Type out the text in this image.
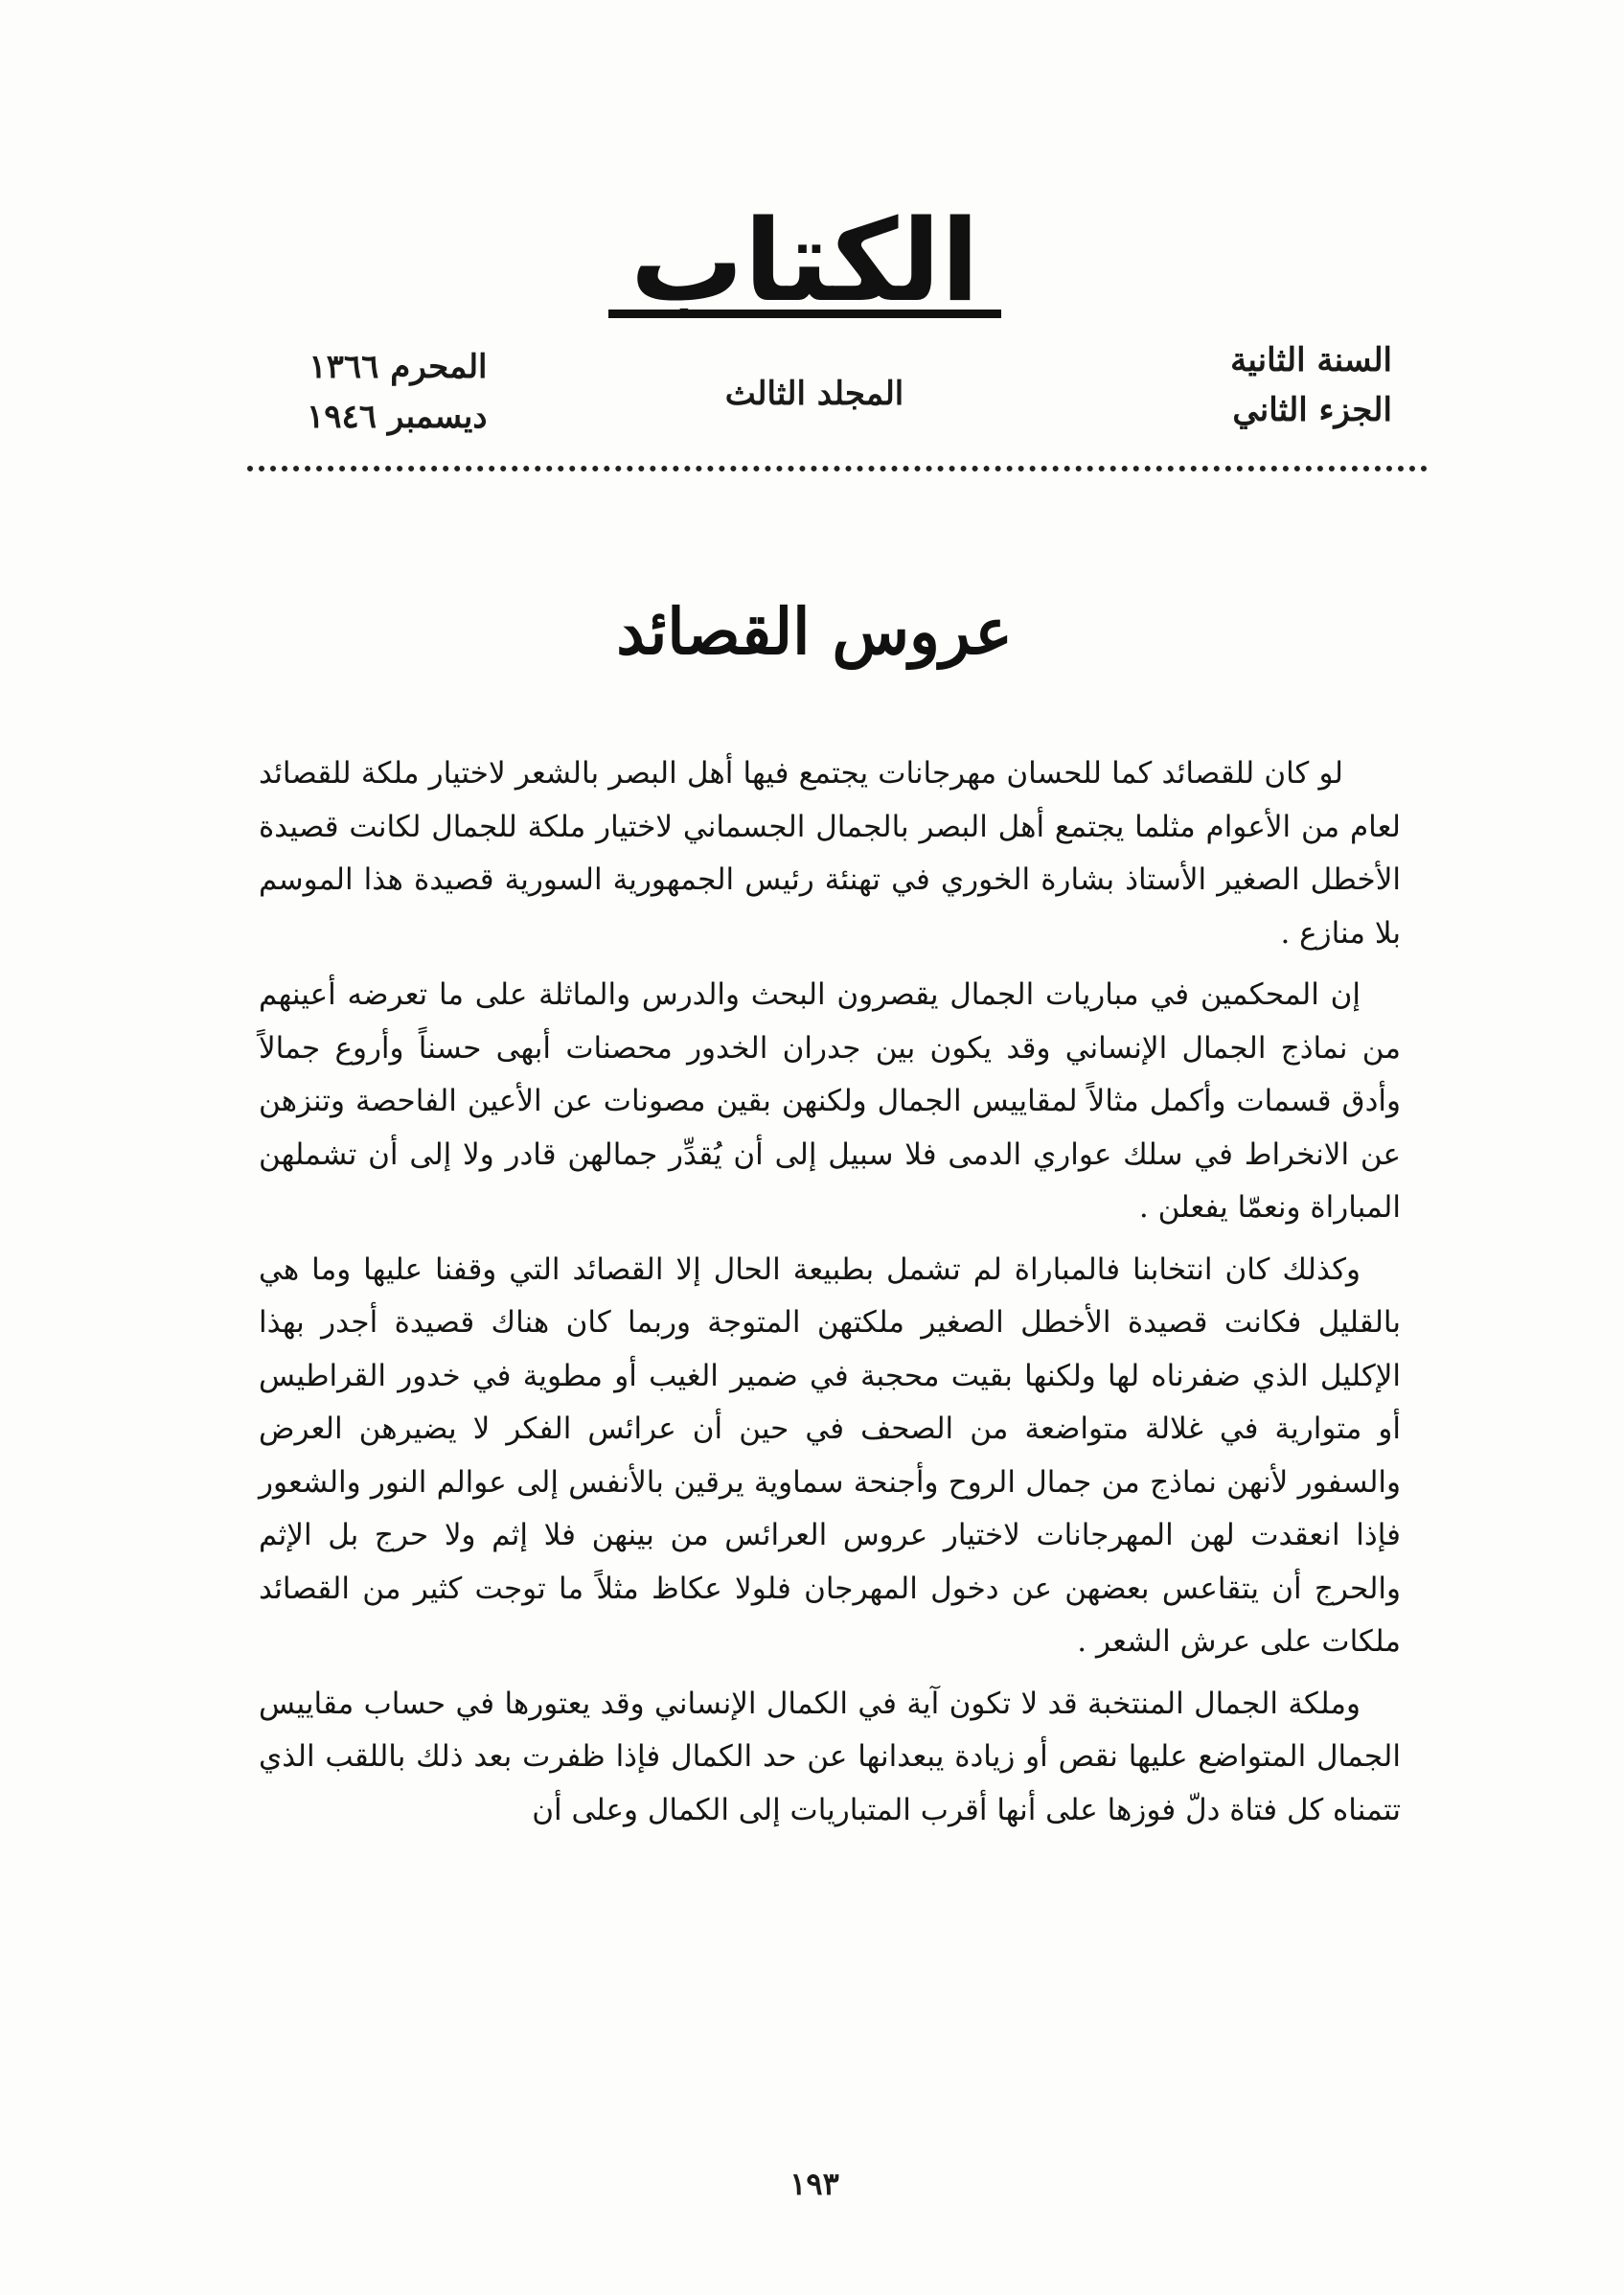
الكتاب
السنة الثانية
الجزء الثاني
المجلد الثالث
المحرم ١٣٦٦
ديسمبر ١٩٤٦
عروس القصائد

لو كان للقصائد كما للحسان مهرجانات يجتمع فيها أهل البصر بالشعر لاختيار ملكة للقصائد لعام من الأعوام مثلما يجتمع أهل البصر بالجمال الجسماني لاختيار ملكة للجمال لكانت قصيدة الأخطل الصغير الأستاذ بشارة الخوري في تهنئة رئيس الجمهورية السورية قصيدة هذا الموسم بلا منازع .

إن المحكمين في مباريات الجمال يقصرون البحث والدرس والماثلة على ما تعرضه أعينهم من نماذج الجمال الإنساني وقد يكون بين جدران الخدور محصنات أبهى حسناً وأروع جمالاً وأدق قسمات وأكمل مثالاً لمقاييس الجمال ولكنهن بقين مصونات عن الأعين الفاحصة وتنزهن عن الانخراط في سلك عواري الدمى فلا سبيل إلى أن يُقدِّر جمالهن قادر ولا إلى أن تشملهن المباراة ونعمّا يفعلن .

وكذلك كان انتخابنا فالمباراة لم تشمل بطبيعة الحال إلا القصائد التي وقفنا عليها وما هي بالقليل فكانت قصيدة الأخطل الصغير ملكتهن المتوجة وربما كان هناك قصيدة أجدر بهذا الإكليل الذي ضفرناه لها ولكنها بقيت محجبة في ضمير الغيب أو مطوية في خدور القراطيس أو متوارية في غلالة متواضعة من الصحف في حين أن عرائس الفكر لا يضيرهن العرض والسفور لأنهن نماذج من جمال الروح وأجنحة سماوية يرقين بالأنفس إلى عوالم النور والشعور فإذا انعقدت لهن المهرجانات لاختيار عروس العرائس من بينهن فلا إثم ولا حرج بل الإثم والحرج أن يتقاعس بعضهن عن دخول المهرجان فلولا عكاظ مثلاً ما توجت كثير من القصائد ملكات على عرش الشعر .

وملكة الجمال المنتخبة قد لا تكون آية في الكمال الإنساني وقد يعتورها في حساب مقاييس الجمال المتواضع عليها نقص أو زيادة يبعدانها عن حد الكمال فإذا ظفرت بعد ذلك باللقب الذي تتمناه كل فتاة دلّ فوزها على أنها أقرب المتباريات إلى الكمال وعلى أن

١٩٣
